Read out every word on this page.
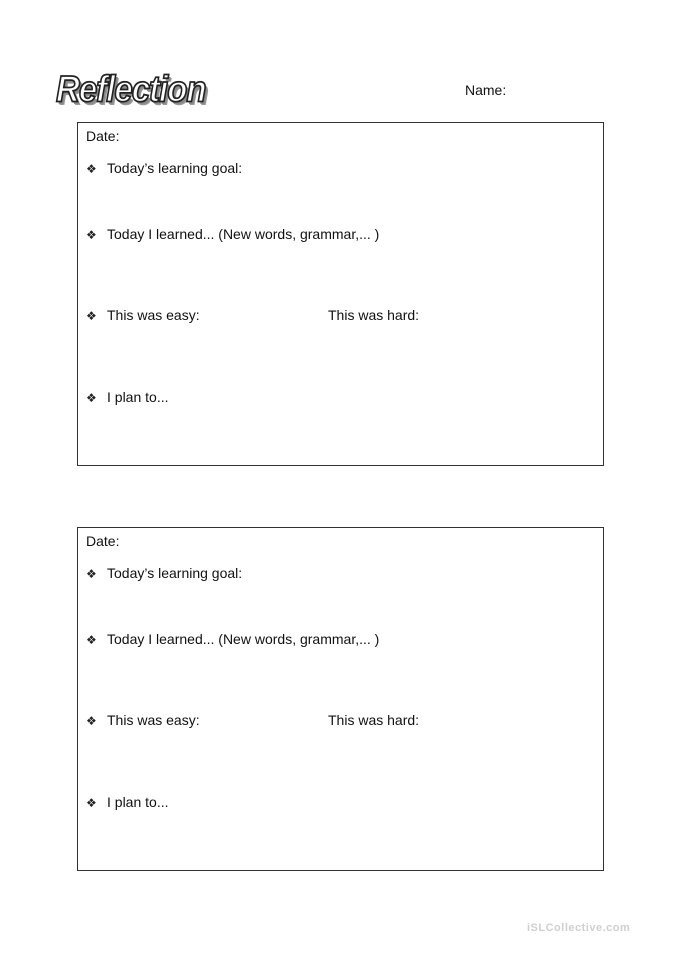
Reflection	Name:
Date:
❖ Today’s learning goal:
❖ Today I learned... (New words, grammar,... )
❖ This was easy:	This was hard:
❖ I plan to...
Date:
❖ Today’s learning goal:
❖ Today I learned... (New words, grammar,... )
❖ This was easy:	This was hard:
❖ I plan to...
iSLCollective.com
